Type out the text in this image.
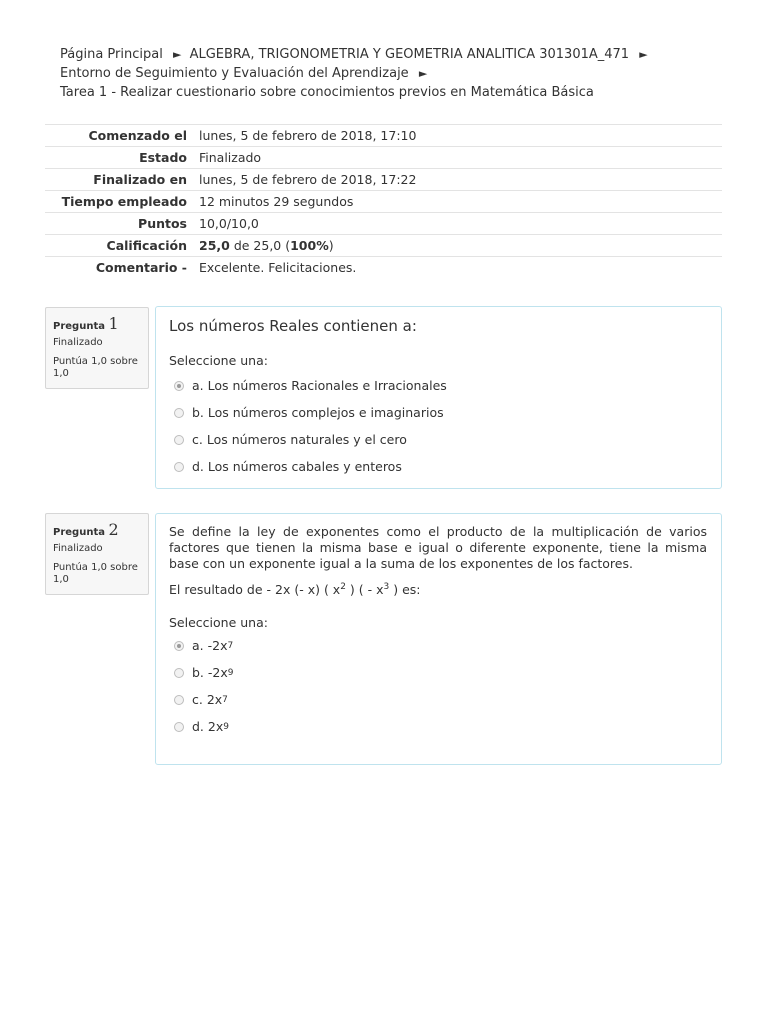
Página Principal ► ALGEBRA, TRIGONOMETRIA Y GEOMETRIA ANALITICA 301301A_471 ►
Entorno de Seguimiento y Evaluación del Aprendizaje ►
Tarea 1 - Realizar cuestionario sobre conocimientos previos en Matemática Básica
Comenzado el	lunes, 5 de febrero de 2018, 17:10
Estado	Finalizado
Finalizado en	lunes, 5 de febrero de 2018, 17:22
Tiempo empleado	12 minutos 29 segundos
Puntos	10,0/10,0
Calificación	25,0 de 25,0 (100%)
Comentario -	Excelente. Felicitaciones.
Pregunta 1
Finalizado
Puntúa 1,0 sobre 1,0

Los números Reales contienen a:

Seleccione una:

a. Los números Racionales e Irracionales
b. Los números complejos e imaginarios
c. Los números naturales y el cero
d. Los números cabales y enteros
Pregunta 2
Finalizado
Puntúa 1,0 sobre 1,0

Se define la ley de exponentes como el producto de la multiplicación de varios factores que tienen la misma base e igual o diferente exponente, tiene la misma base con un exponente igual a la suma de los exponentes de los factores.

El resultado de - 2x (- x) ( $x^2$ ) ( - $x^3$ ) es:

Seleccione una:

a. -2x 7
b. -2x 9
c. 2x 7
d. 2x 9
